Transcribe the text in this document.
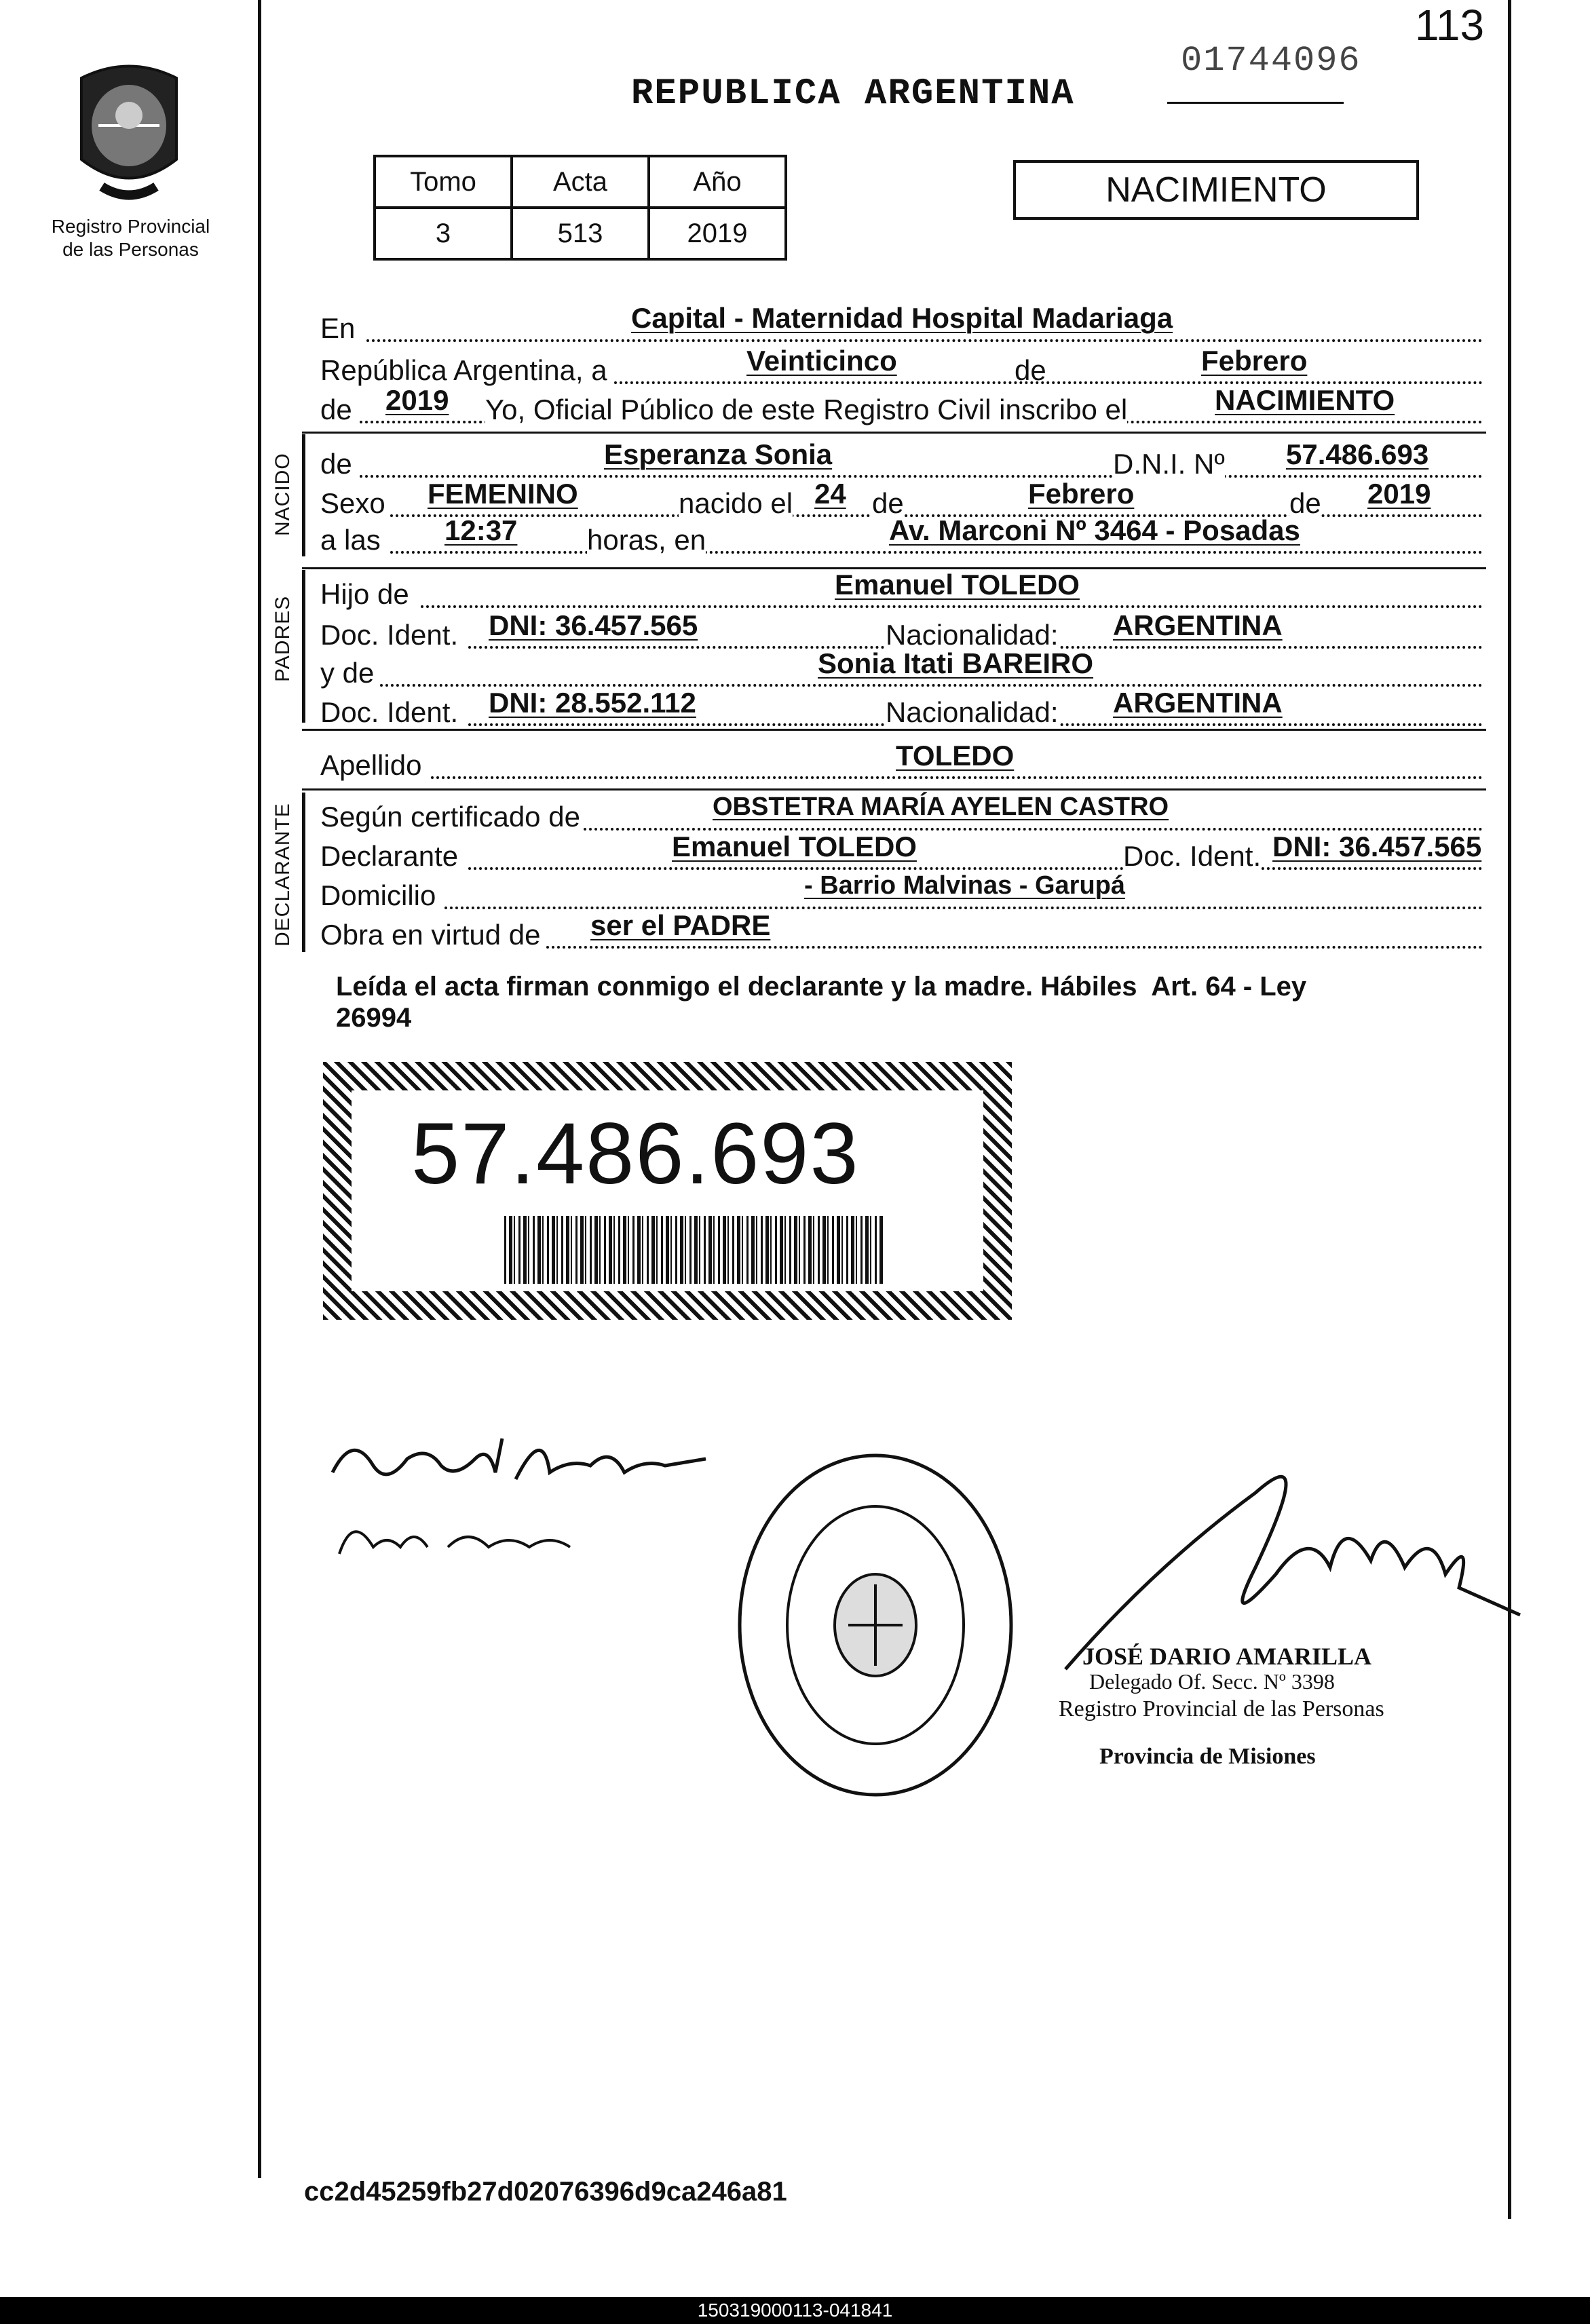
113
01744096
Registro Provincial
de las Personas
REPUBLICA ARGENTINA
Tomo	Acta	Año
3	513	2019
NACIMIENTO
En	Capital - Maternidad Hospital Madariaga
República Argentina, a	Veinticinco	de	Febrero
de 2019 Yo, Oficial Público de este Registro Civil inscribo el	NACIMIENTO
NACIDO de	Esperanza Sonia	D.N.I. Nº 57.486.693
Sexo FEMENINO	nacido el 24 de	Febrero	de 2019
a las 12:37 horas, en	Av. Marconi Nº 3464 - Posadas
PADRES
Hijo de	Emanuel TOLEDO
Doc. Ident. DNI: 36.457.565	Nacionalidad: ARGENTINA
y de	Sonia Itati BAREIRO
Doc. Ident. DNI: 28.552.112	Nacionalidad: ARGENTINA
Apellido	TOLEDO
DECLARANTE Según certificado de	OBSTETRA MARÍA AYELEN CASTRO
Declarante	Emanuel TOLEDO	Doc. Ident. DNI: 36.457.565
Domicilio	- Barrio Malvinas - Garupá
Obra en virtud de ser el PADRE
Leída el acta firman conmigo el declarante y la madre. Hábiles  Art. 64 - Ley
26994
57.486.693
JOSÉ DARIO AMARILLA
Delegado Of. Secc. Nº 3398
Registro Provincial de las Personas
Provincia de Misiones
cc2d45259fb27d02076396d9ca246a81
150319000113-041841
